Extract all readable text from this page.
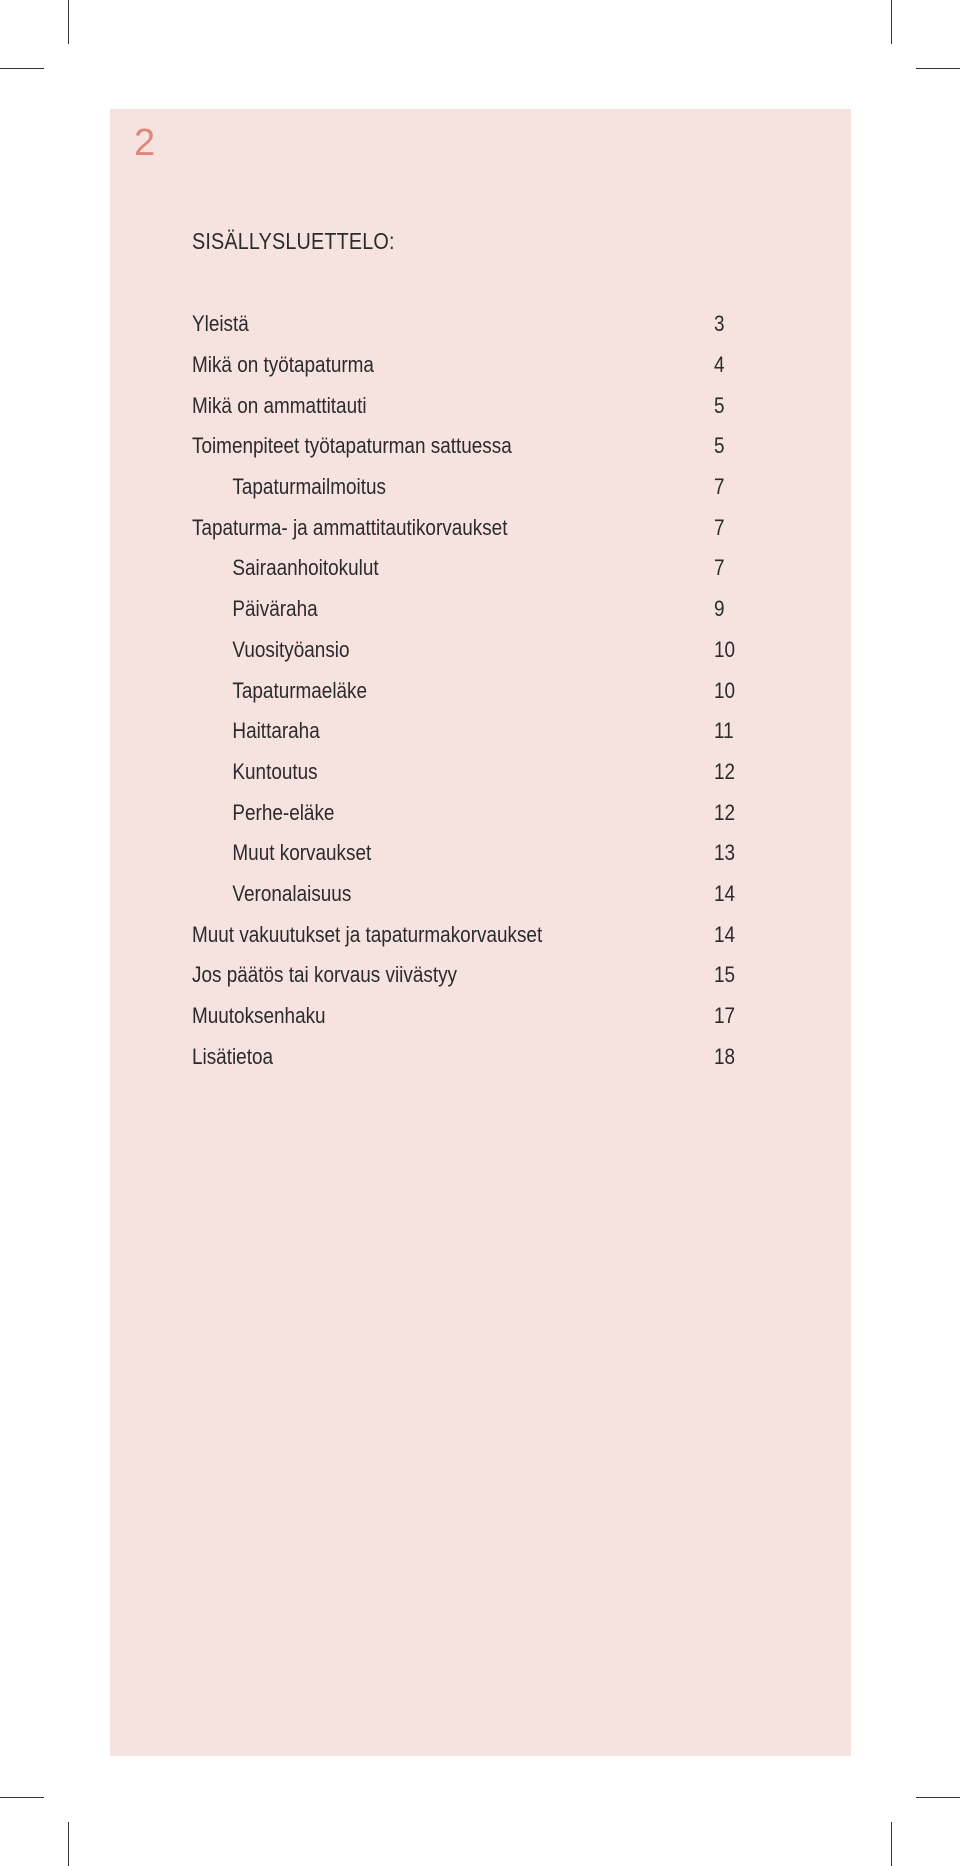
2
SISÄLLYSLUETTELO:
Yleistä	3
Mikä on työtapaturma	4
Mikä on ammattitauti	5
Toimenpiteet työtapaturman sattuessa	5
Tapaturmailmoitus	7
Tapaturma- ja ammattitautikorvaukset	7
Sairaanhoitokulut	7
Päiväraha	9
Vuosityöansio	10
Tapaturmaeläke	10
Haittaraha	11
Kuntoutus	12
Perhe-eläke	12
Muut korvaukset	13
Veronalaisuus	14
Muut vakuutukset ja tapaturmakorvaukset	14
Jos päätös tai korvaus viivästyy	15
Muutoksenhaku	17
Lisätietoa	18
